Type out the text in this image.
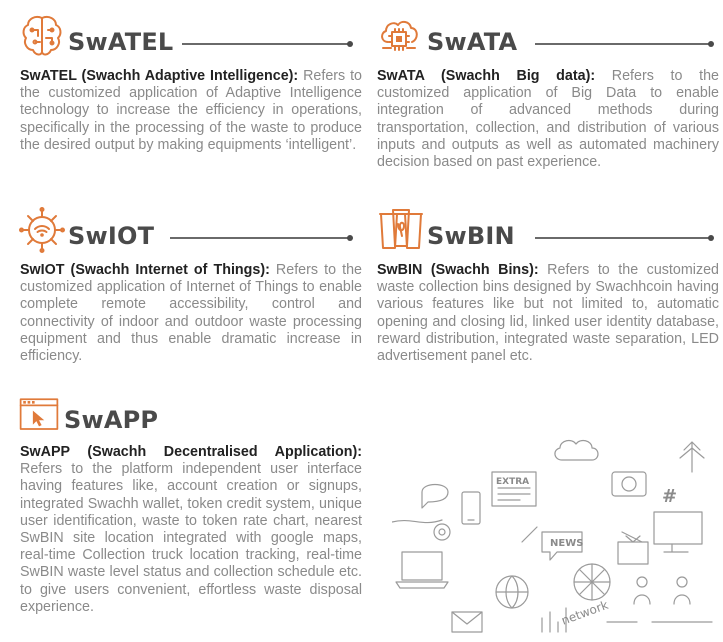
SwATEL

SwATEL (Swachh Adaptive Intelligence): Refers to the customized application of Adaptive Intelligence technology to increase the efficiency in operations, specifically in the processing of the waste to produce the desired output by making equipments ‘intelligent’.

SwATA

SwATA (Swachh Big data): Refers to the customized application of Big Data to enable integration of advanced methods during transportation, collection, and distribution of various inputs and outputs as well as automated machinery decision based on past experience.

SwIOT

SwIOT (Swachh Internet of Things): Refers to the customized application of Internet of Things to enable complete remote accessibility, control and connectivity of indoor and outdoor waste processing equipment and thus enable dramatic increase in efficiency.

SwBIN

SwBIN (Swachh Bins): Refers to the customized waste collection bins designed by Swachhcoin having various features like but not limited to, automatic opening and closing lid, linked user identity database, reward distribution, integrated waste separation, LED advertisement panel etc.

SwAPP

SwAPP (Swachh Decentralised Application): Refers to the platform independent user interface having features like, account creation or signups, integrated Swachh wallet, token credit system, unique user identification, waste to token rate chart, nearest SwBIN site location integrated with google maps, real-time Collection truck location tracking, real-time SwBIN waste level status and collection schedule etc. to give users convenient, effortless waste disposal experience.

EXTRA
network
NEWS
#
